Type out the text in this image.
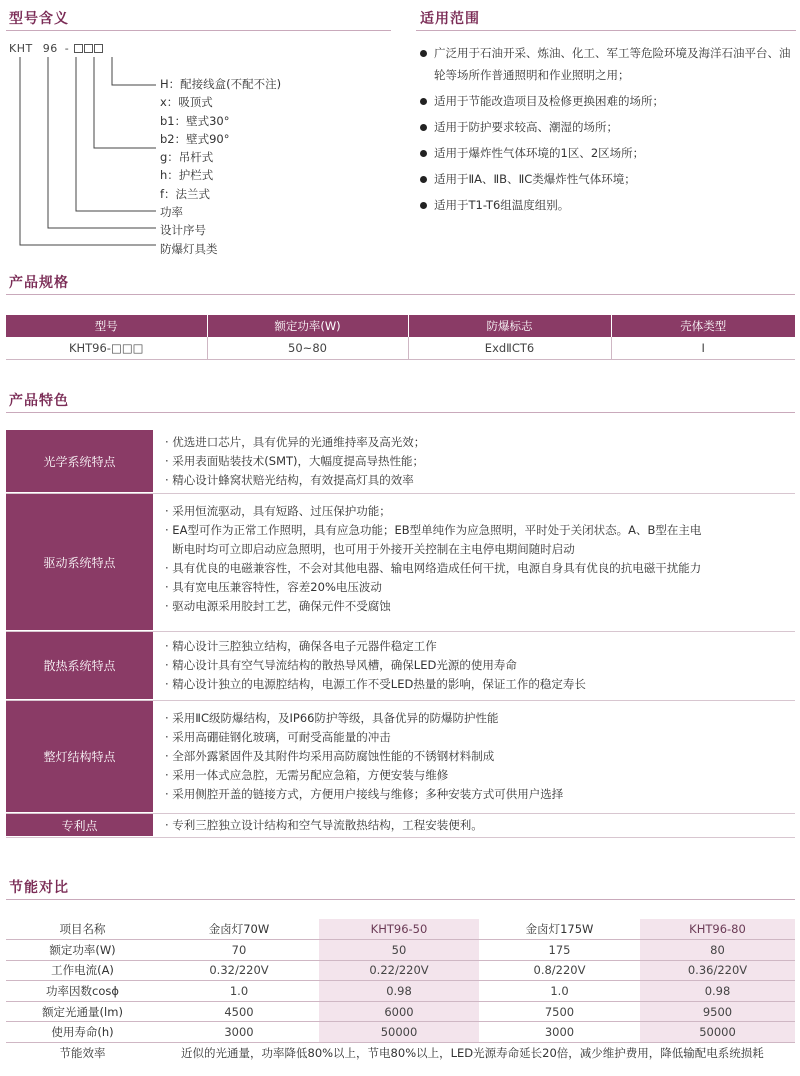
型号含义	适用范围
KHT 96 -
H：配接线盒(不配不注)
x：吸顶式
b1：壁式30°
b2：壁式90°
g：吊杆式
h：护栏式
f：法兰式
功率
设计序号
防爆灯具类
广泛用于石油开采、炼油、化工、军工等危险环境及海洋石油平台、油轮等场所作普通照明和作业照明之用；
适用于节能改造项目及检修更换困难的场所；
适用于防护要求较高、潮湿的场所；
适用于爆炸性气体环境的1区、2区场所；
适用于ⅡA、ⅡB、ⅡC类爆炸性气体环境；
适用于T1-T6组温度组别。
产品规格
型号	额定功率(W)	防爆标志	壳体类型
KHT96-□□□	50~80	ExdⅡCT6	Ⅰ
产品特色
光学系统特点
· 优选进口芯片，具有优异的光通维持率及高光效；
· 采用表面贴装技术(SMT)，大幅度提高导热性能；
· 精心设计蜂窝状赔光结构，有效提高灯具的效率
驱动系统特点
· 采用恒流驱动，具有短路、过压保护功能；
· EA型可作为正常工作照明，具有应急功能；EB型单纯作为应急照明，平时处于关闭状态。A、B型在主电
断电时均可立即启动应急照明，也可用于外接开关控制在主电停电期间随时启动
· 具有优良的电磁兼容性，不会对其他电器、输电网络造成任何干扰，电源自身具有优良的抗电磁干扰能力
· 具有宽电压兼容特性，容差20%电压波动
· 驱动电源采用胶封工艺，确保元件不受腐蚀
散热系统特点
· 精心设计三腔独立结构，确保各电子元器件稳定工作
· 精心设计具有空气导流结构的散热导风槽，确保LED光源的使用寿命
· 精心设计独立的电源腔结构，电源工作不受LED热量的影响，保证工作的稳定寿长
整灯结构特点
· 采用ⅡC级防爆结构，及IP66防护等级，具备优异的防爆防护性能
· 采用高硼硅钢化玻璃，可耐受高能量的冲击
· 全部外露紧固件及其附件均采用高防腐蚀性能的不锈钢材料制成
· 采用一体式应急腔，无需另配应急箱，方便安装与维修
· 采用侧腔开盖的链接方式，方便用户接线与维修；多种安装方式可供用户选择
专利点	· 专利三腔独立设计结构和空气导流散热结构，工程安装便利。
节能对比
项目名称	金卤灯70W	KHT96-50	金卤灯175W	KHT96-80
额定功率(W)	70	50	175	80
工作电流(A)	0.32/220V	0.22/220V	0.8/220V	0.36/220V
功率因数cosϕ	1.0	0.98	1.0	0.98
额定光通量(lm)	4500	6000	7500	9500
使用寿命(h)	3000	50000	3000	50000
节能效率	近似的光通量，功率降低80%以上，节电80%以上，LED光源寿命延长20倍，减少维护费用，降低输配电系统损耗			
